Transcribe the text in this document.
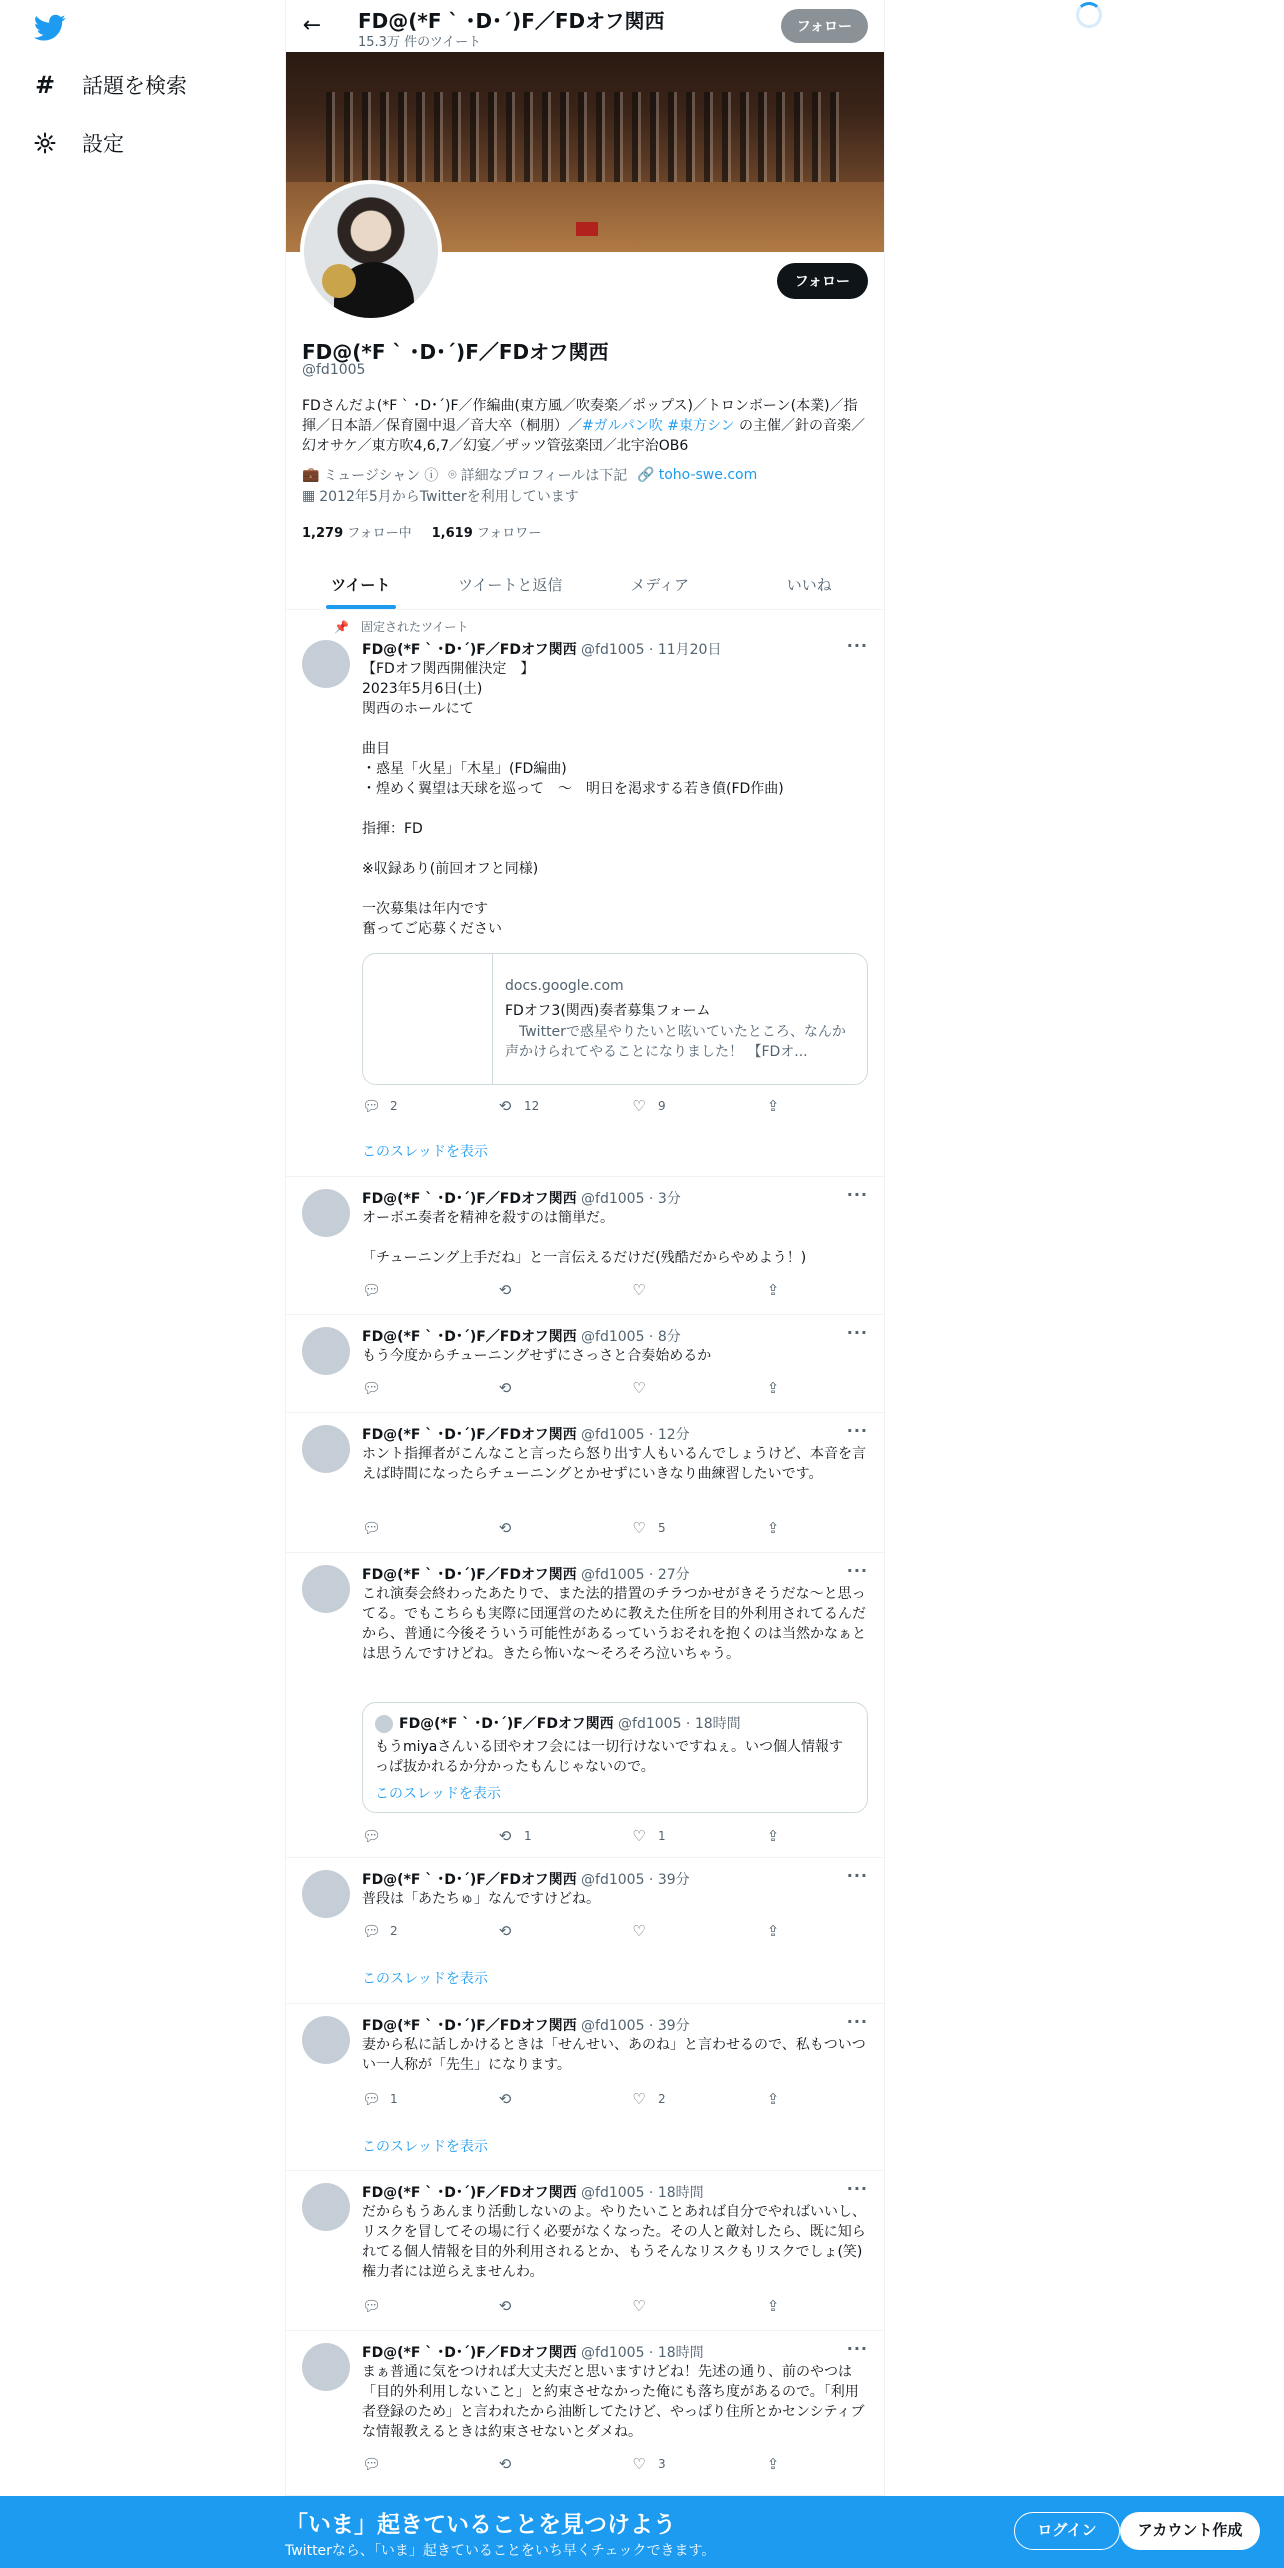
# 話題を検索
設定
←	FD@(*F ` ･D･´)F／FDオフ関西
15.3万 件のツイート
フォロー
フォロー
FD@(*F ` ･D･´)F／FDオフ関西
@fd1005
FDさんだよ(*F ` ･D･´)F／作編曲(東方風／吹奏楽／ポップス)／トロンボーン(本業)／指揮／日本語／保育園中退／音大卒（桐朋）／#ガルパン吹 #東方シン の主催／針の音楽／幻オサケ／東方吹4,6,7／幻宴／ザッツ管弦楽団／北宇治OB6
💼 ミュージシャン ⓘ ⌾ 詳細なプロフィールは下記 🔗 toho-swe.com
▦ 2012年5月からTwitterを利用しています
1,279 フォロー中 1,619 フォロワー
ツイート	ツイートと返信	メディア	いいね
📌 固定されたツイート
FD@(*F ` ･D･´)F／FDオフ関西 @fd1005 · 11月20日	···
【FDオフ関西開催決定　】
2023年5月6日(土)
関西のホールにて

曲目
・惑星「火星」「木星」(FD編曲)
・煌めく翼望は天球を巡って　〜　明日を渇求する若き僨(FD作曲)

指揮：FD

※収録あり(前回オフと同様)

一次募集は年内です
奮ってご応募ください
docs.google.com
FDオフ3(関西)奏者募集フォーム
　Twitterで惑星やりたいと呟いていたところ、なんか声かけられてやることになりました！ 【FDオ...
💬︎ 2	⟲ 12	♡ 9	⇪
このスレッドを表示
FD@(*F ` ･D･´)F／FDオフ関西 @fd1005 · 3分	···
オーボエ奏者を精神を殺すのは簡単だ。

「チューニング上手だね」と一言伝えるだけだ(残酷だからやめよう！)
💬︎	⟲	♡	⇪
FD@(*F ` ･D･´)F／FDオフ関西 @fd1005 · 8分	···
もう今度からチューニングせずにさっさと合奏始めるか
💬︎	⟲	♡	⇪
FD@(*F ` ･D･´)F／FDオフ関西 @fd1005 · 12分	···
ホント指揮者がこんなこと言ったら怒り出す人もいるんでしょうけど、本音を言えば時間になったらチューニングとかせずにいきなり曲練習したいです。
💬︎	⟲	♡ 5	⇪
FD@(*F ` ･D･´)F／FDオフ関西 @fd1005 · 27分	···
これ演奏会終わったあたりで、また法的措置のチラつかせがきそうだな〜と思ってる。でもこちらも実際に団運営のために教えた住所を目的外利用されてるんだから、普通に今後そういう可能性があるっていうおそれを抱くのは当然かなぁとは思うんですけどね。きたら怖いな〜そろそろ泣いちゃう。
FD@(*F ` ･D･´)F／FDオフ関西 @fd1005 · 18時間
もうmiyaさんいる団やオフ会には一切行けないですねぇ。いつ個人情報すっぱ抜かれるか分かったもんじゃないので。
このスレッドを表示
💬︎	⟲ 1	♡ 1	⇪
FD@(*F ` ･D･´)F／FDオフ関西 @fd1005 · 39分	···
普段は「あたちゅ」なんですけどね。
💬︎ 2	⟲	♡	⇪
このスレッドを表示
FD@(*F ` ･D･´)F／FDオフ関西 @fd1005 · 39分	···
妻から私に話しかけるときは「せんせい、あのね」と言わせるので、私もついつい一人称が「先生」になります。
💬︎ 1	⟲	♡ 2	⇪
このスレッドを表示
FD@(*F ` ･D･´)F／FDオフ関西 @fd1005 · 18時間	···
だからもうあんまり活動しないのよ。やりたいことあれば自分でやればいいし、リスクを冒してその場に行く必要がなくなった。その人と敵対したら、既に知られてる個人情報を目的外利用されるとか、もうそんなリスクもリスクでしょ(笑) 権力者には逆らえませんわ。
💬︎	⟲	♡	⇪
FD@(*F ` ･D･´)F／FDオフ関西 @fd1005 · 18時間	···
まぁ普通に気をつければ大丈夫だと思いますけどね！先述の通り、前のやつは「目的外利用しないこと」と約束させなかった俺にも落ち度があるので。「利用者登録のため」と言われたから油断してたけど、やっぱり住所とかセンシティブな情報教えるときは約束させないとダメね。
💬︎	⟲	♡ 3	⇪
「いま」起きていることを見つけよう
Twitterなら、「いま」起きていることをいち早くチェックできます。
ログイン	アカウント作成
